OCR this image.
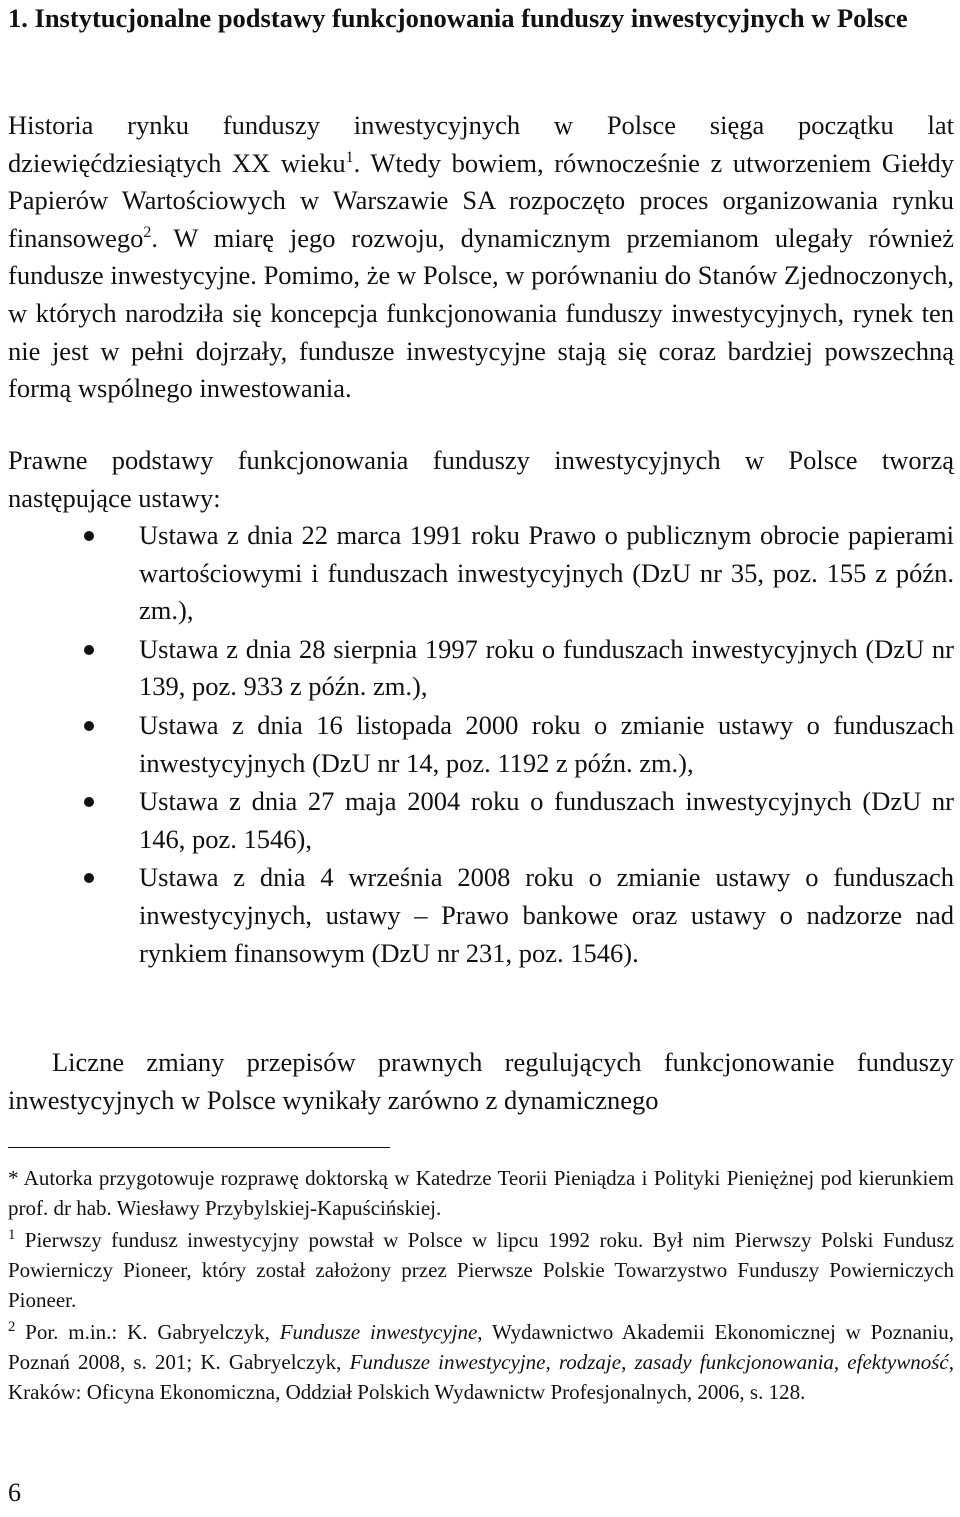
1. Instytucjonalne podstawy funkcjonowania funduszy inwestycyjnych w Polsce

Historia rynku funduszy inwestycyjnych w Polsce sięga początku lat dziewięćdziesiątych XX wieku$^1$. Wtedy bowiem, równocześnie z utworzeniem Giełdy Papierów Wartościowych w Warszawie SA rozpoczęto proces organizowania rynku finansowego$^2$. W miarę jego rozwoju, dynamicznym przemianom ulegały również fundusze inwestycyjne. Pomimo, że w Polsce, w porównaniu do Stanów Zjednoczonych, w których narodziła się koncepcja funkcjonowania funduszy inwestycyjnych, rynek ten nie jest w pełni dojrzały, fundusze inwestycyjne stają się coraz bardziej powszechną formą wspólnego inwestowania.

Prawne podstawy funkcjonowania funduszy inwestycyjnych w Polsce tworzą następujące ustawy:

Ustawa z dnia 22 marca 1991 roku Prawo o publicznym obrocie papierami wartościowymi i funduszach inwestycyjnych (DzU nr 35, poz. 155 z późn. zm.),
Ustawa z dnia 28 sierpnia 1997 roku o funduszach inwestycyjnych (DzU nr 139, poz. 933 z późn. zm.),
Ustawa z dnia 16 listopada 2000 roku o zmianie ustawy o funduszach inwestycyjnych (DzU nr 14, poz. 1192 z późn. zm.),
Ustawa z dnia 27 maja 2004 roku o funduszach inwestycyjnych (DzU nr 146, poz. 1546),
Ustawa z dnia 4 września 2008 roku o zmianie ustawy o funduszach inwestycyjnych, ustawy – Prawo bankowe oraz ustawy o nadzorze nad rynkiem finansowym (DzU nr 231, poz. 1546).

Liczne zmiany przepisów prawnych regulujących funkcjonowanie funduszy inwestycyjnych w Polsce wynikały zarówno z dynamicznego

* Autorka przygotowuje rozprawę doktorską w Katedrze Teorii Pieniądza i Polityki Pieniężnej pod kierunkiem prof. dr hab. Wiesławy Przybylskiej-Kapuścińskiej.

$^1$ Pierwszy fundusz inwestycyjny powstał w Polsce w lipcu 1992 roku. Był nim Pierwszy Polski Fundusz Powierniczy Pioneer, który został założony przez Pierwsze Polskie Towarzystwo Funduszy Powierniczych Pioneer.

$^2$ Por. m.in.: K. Gabryelczyk, Fundusze inwestycyjne, Wydawnictwo Akademii Ekonomicznej w Poznaniu, Poznań 2008, s. 201; K. Gabryelczyk, Fundusze inwestycyjne, rodzaje, zasady funkcjonowania, efektywność, Kraków: Oficyna Ekonomiczna, Oddział Polskich Wydawnictw Profesjonalnych, 2006, s. 128.

6
